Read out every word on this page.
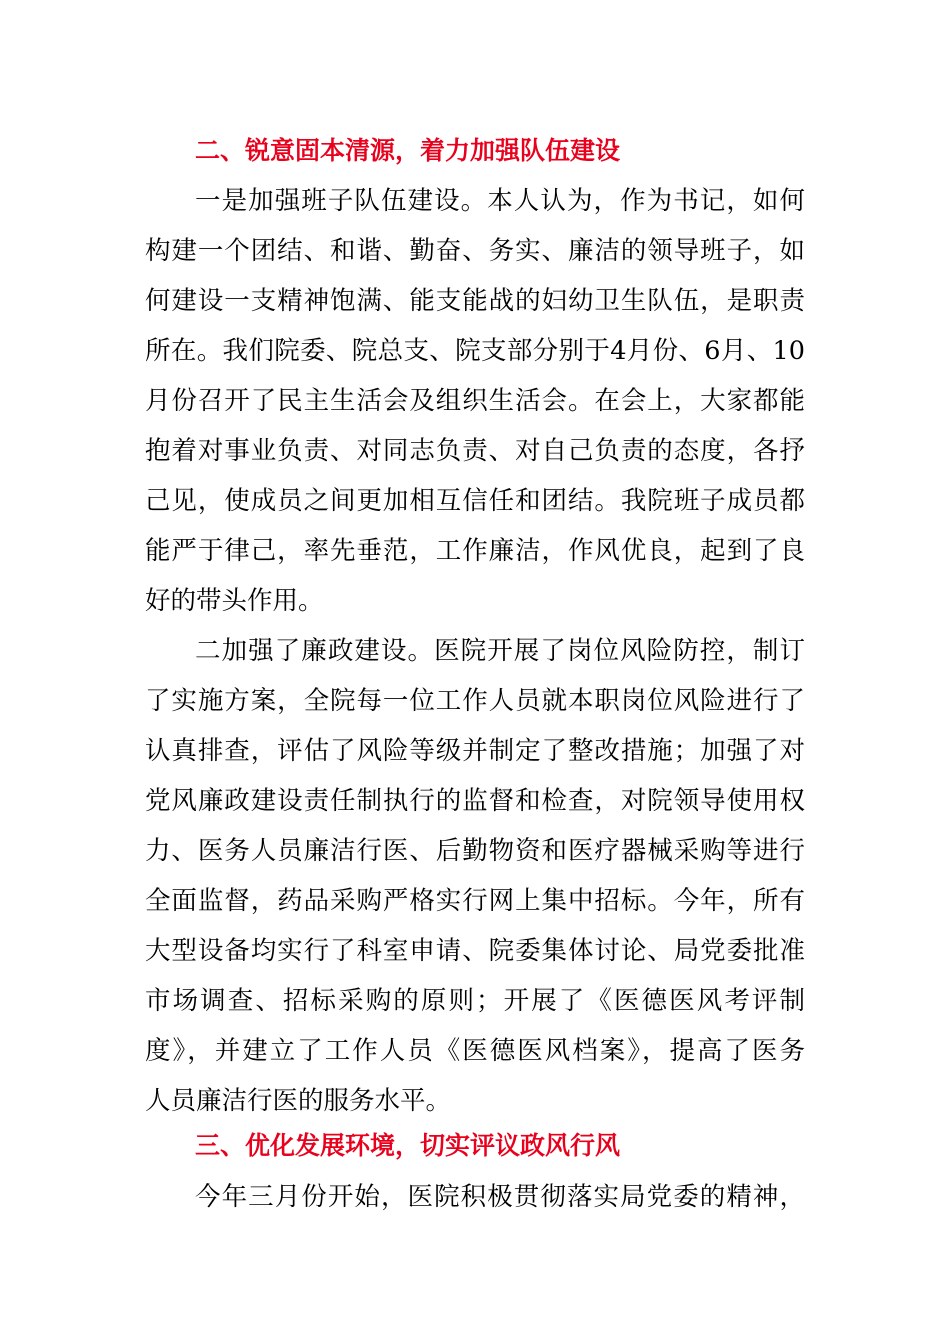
二、锐意固本清源，着力加强队伍建设
一是加强班子队伍建设。本人认为，作为书记，如何
构建一个团结、和谐、勤奋、务实、廉洁的领导班子，如
何建设一支精神饱满、能支能战的妇幼卫生队伍，是职责
所在。我们院委、院总支、院支部分别于4月份、6月、10
月份召开了民主生活会及组织生活会。在会上，大家都能
抱着对事业负责、对同志负责、对自己负责的态度，各抒
己见，使成员之间更加相互信任和团结。我院班子成员都
能严于律己，率先垂范，工作廉洁，作风优良，起到了良
好的带头作用。
二加强了廉政建设。医院开展了岗位风险防控，制订
了实施方案，全院每一位工作人员就本职岗位风险进行了
认真排查，评估了风险等级并制定了整改措施；加强了对
党风廉政建设责任制执行的监督和检查，对院领导使用权
力、医务人员廉洁行医、后勤物资和医疗器械采购等进行
全面监督，药品采购严格实行网上集中招标。今年，所有
大型设备均实行了科室申请、院委集体讨论、局党委批准
市场调查、招标采购的原则；开展了《医德医风考评制
度》，并建立了工作人员《医德医风档案》，提高了医务
人员廉洁行医的服务水平。
三、优化发展环境，切实评议政风行风
今年三月份开始，医院积极贯彻落实局党委的精神，
